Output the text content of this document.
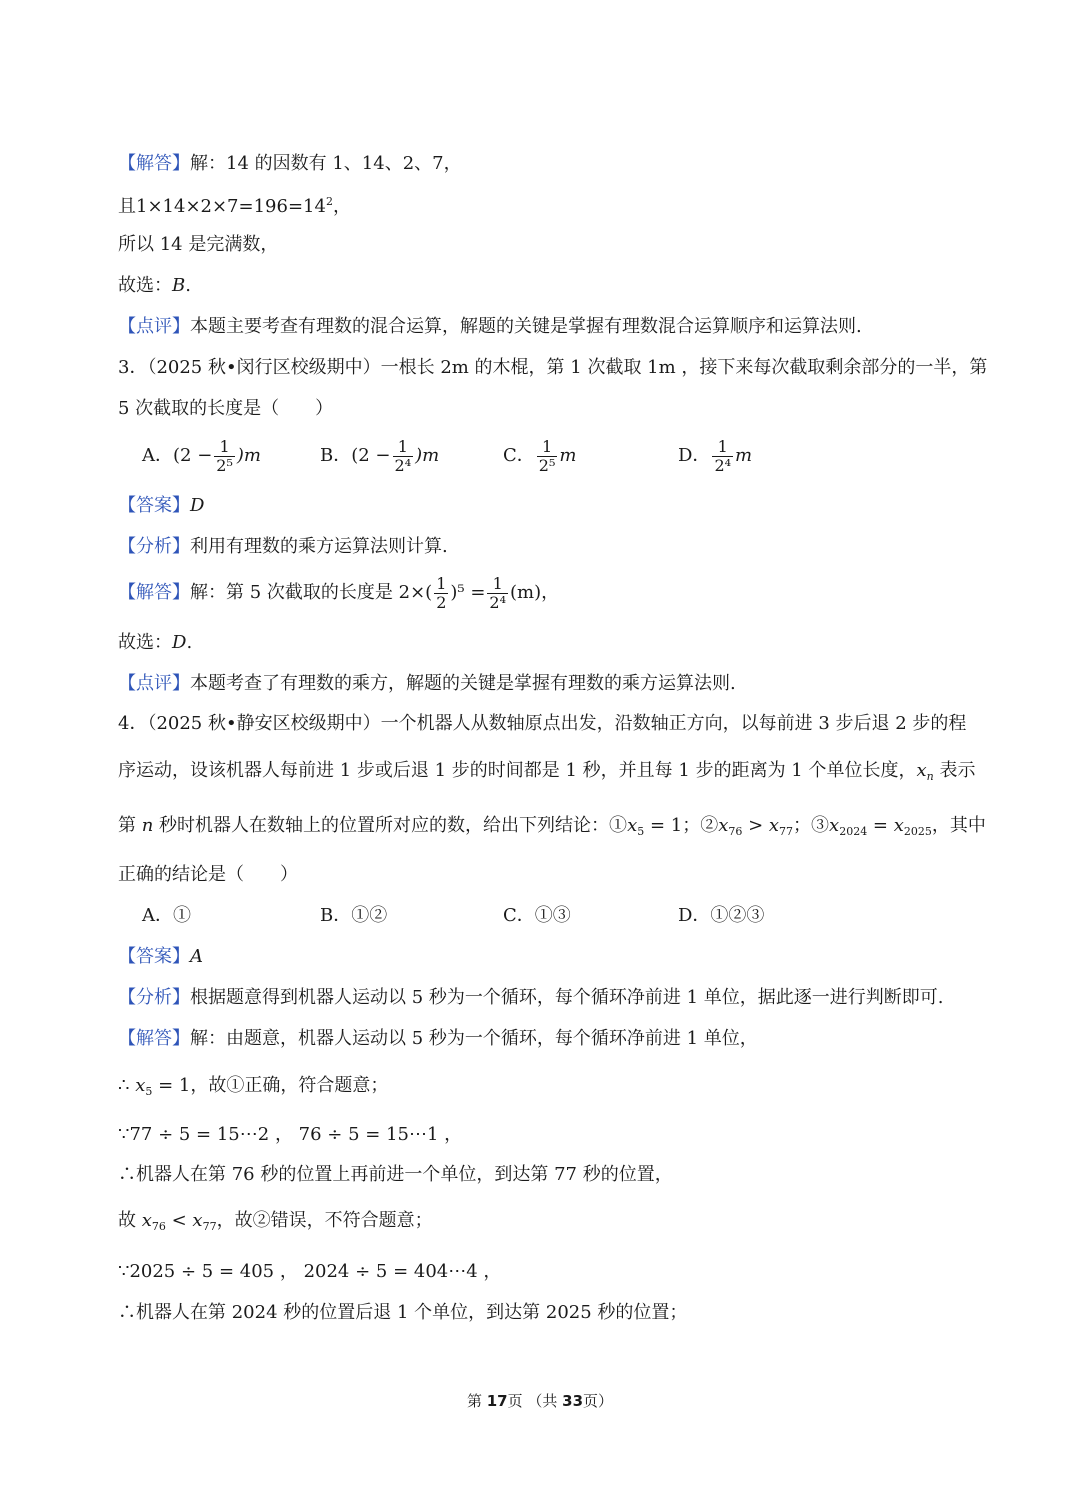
【解答】解：14 的因数有 1、14、2、7，
且$1\times 14\times 2\times 7=196=14^2$，
所以 14 是完满数，
故选：B.
【点评】本题主要考查有理数的混合运算，解题的关键是掌握有理数混合运算顺序和运算法则.
3．（2025 秋•闵行区校级期中）一根长 2m 的木棍，第 1 次截取 1m ，接下来每次截取剩余部分的一半，第
5 次截取的长度是（　　）
A．$(2 - \frac{1}{\text{2⁵}} )m$	B．$(2 - \frac{1}{\text{2⁴}} )m$	C． $\frac{1}{\text{2⁵}}$ m	D． $\frac{1}{\text{2⁴}}$ m
【答案】D
【分析】利用有理数的乘方运算法则计算.
【解答】解：第 5 次截取的长度是 $2\times( \frac{1}{2} )^5 = \frac{1}{\text{2⁴}} (m)$，
故选：D.
【点评】本题考查了有理数的乘方，解题的关键是掌握有理数的乘方运算法则.
4．（2025 秋•静安区校级期中）一个机器人从数轴原点出发，沿数轴正方向，以每前进 3 步后退 2 步的程
序运动，设该机器人每前进 1 步或后退 1 步的时间都是 1 秒，并且每 1 步的距离为 1 个单位长度，$x_n$ 表示
第 n 秒时机器人在数轴上的位置所对应的数，给出下列结论：$①x_5 = 1$；$②x_{76} > x_{77}$；$③x_{2024} = x_{2025}$，其中
正确的结论是（　　）
A．①	B．①②	C．①③	D．①②③
【答案】A
【分析】根据题意得到机器人运动以 5 秒为一个循环，每个循环净前进 1 单位，据此逐一进行判断即可.
【解答】解：由题意，机器人运动以 5 秒为一个循环，每个循环净前进 1 单位，
∴ $x_5 = 1$，故①正确，符合题意；
∵77 ÷ 5 = 15⋯2 ， 76 ÷ 5 = 15⋯1 ，
∴机器人在第 76 秒的位置上再前进一个单位，到达第 77 秒的位置，
故 $x_{76} < x_{77}$，故②错误，不符合题意；
∵2025 ÷ 5 = 405 ， 2024 ÷ 5 = 404⋯4 ，
∴机器人在第 2024 秒的位置后退 1 个单位，到达第 2025 秒的位置；
第 17页 （共 33页）
